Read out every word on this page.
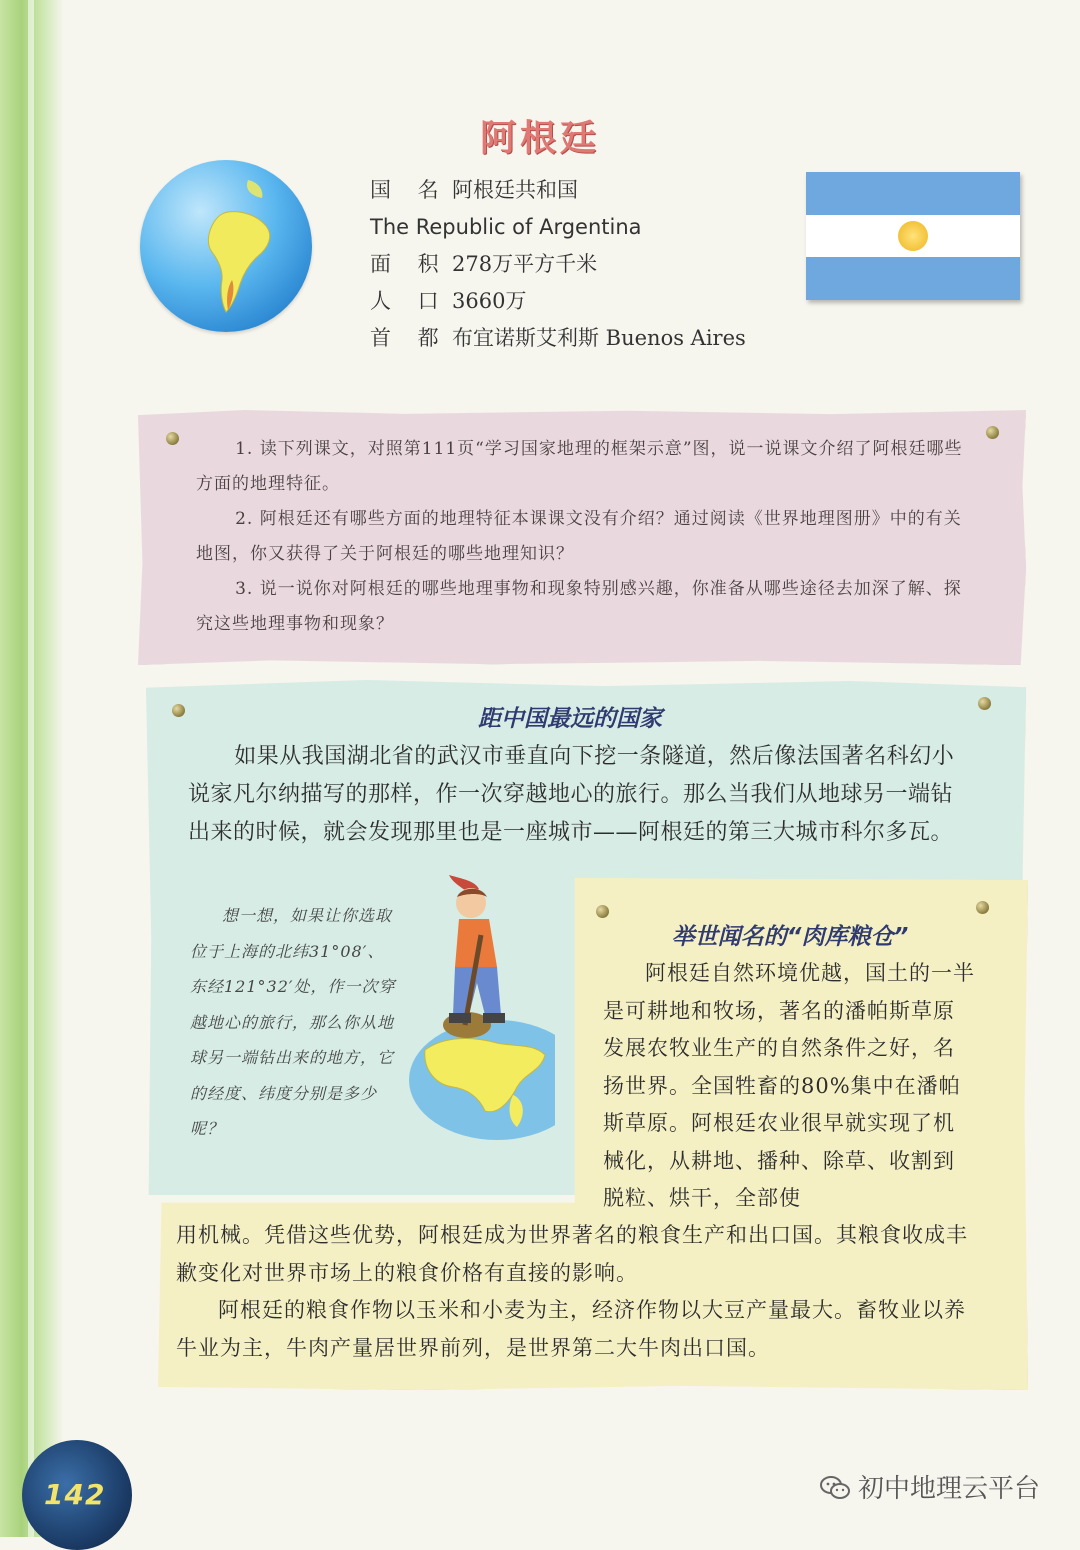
阿根廷
国 名 阿根廷共和国
The Republic of Argentina
面 积 278万平方千米
人 口 3660万
首 都 布宜诺斯艾利斯 Buenos Aires

1. 读下列课文，对照第111页“学习国家地理的框架示意”图，说一说课文介绍了阿根廷哪些方面的地理特征。

2. 阿根廷还有哪些方面的地理特征本课课文没有介绍？通过阅读《世界地理图册》中的有关地图，你又获得了关于阿根廷的哪些地理知识？

3. 说一说你对阿根廷的哪些地理事物和现象特别感兴趣，你准备从哪些途径去加深了解、探究这些地理事物和现象？

距中国最远的国家

如果从我国湖北省的武汉市垂直向下挖一条隧道，然后像法国著名科幻小说家凡尔纳描写的那样，作一次穿越地心的旅行。那么当我们从地球另一端钻出来的时候，就会发现那里也是一座城市——阿根廷的第三大城市科尔多瓦。

想一想，如果让你选取位于上海的北纬31°08′、东经121°32′处，作一次穿越地心的旅行，那么你从地球另一端钻出来的地方，它的经度、纬度分别是多少呢？

举世闻名的“肉库粮仓”

阿根廷自然环境优越，国土的一半是可耕地和牧场，著名的潘帕斯草原发展农牧业生产的自然条件之好，名扬世界。全国牲畜的80%集中在潘帕斯草原。阿根廷农业很早就实现了机械化，从耕地、播种、除草、收割到脱粒、烘干，全部使

用机械。凭借这些优势，阿根廷成为世界著名的粮食生产和出口国。其粮食收成丰歉变化对世界市场上的粮食价格有直接的影响。

阿根廷的粮食作物以玉米和小麦为主，经济作物以大豆产量最大。畜牧业以养牛业为主，牛肉产量居世界前列，是世界第二大牛肉出口国。

142	初中地理云平台
